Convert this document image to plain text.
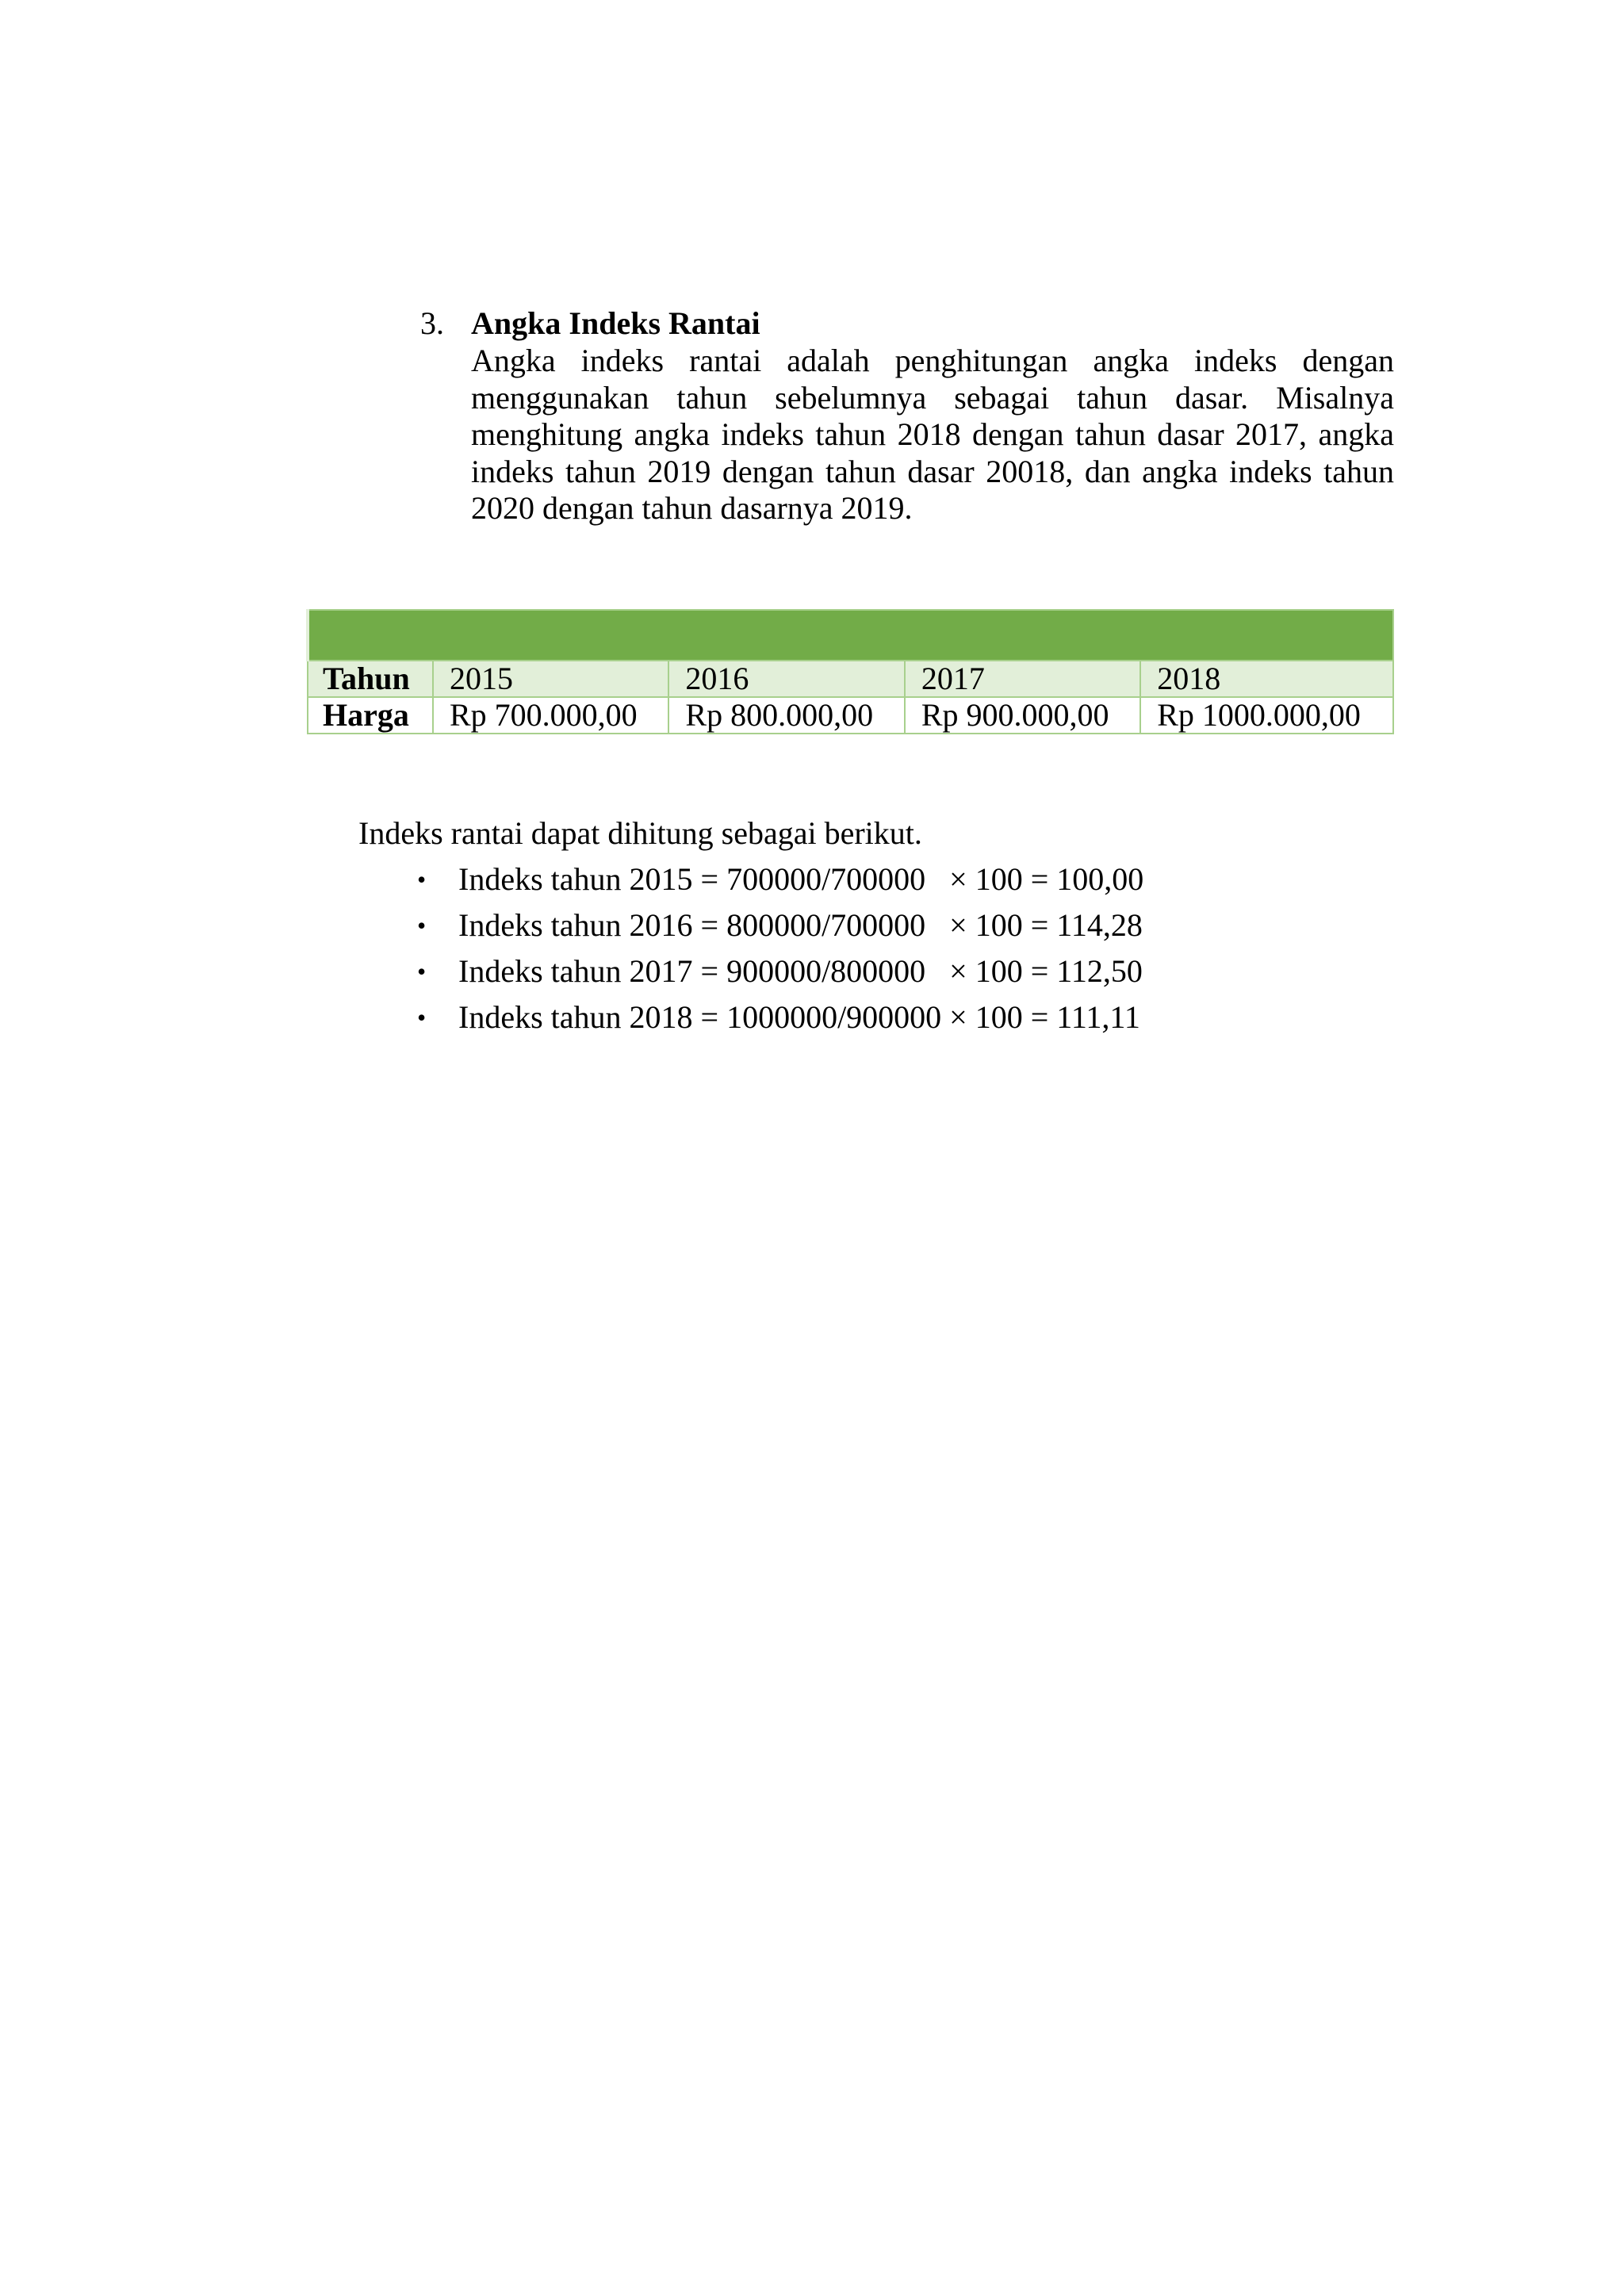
3. Angka Indeks Rantai

Angka indeks rantai adalah penghitungan angka indeks dengan menggunakan tahun sebelumnya sebagai tahun dasar. Misalnya menghitung angka indeks tahun 2018 dengan tahun dasar 2017, angka indeks tahun 2019 dengan tahun dasar 20018, dan angka indeks tahun 2020 dengan tahun dasarnya 2019.

Tahun	2015	2016	2017	2018
Harga	Rp 700.000,00	Rp 800.000,00	Rp 900.000,00	Rp 1000.000,00
Indeks rantai dapat dihitung sebagai berikut.
• Indeks tahun 2015 = 700000/700000   × 100 = 100,00
• Indeks tahun 2016 = 800000/700000   × 100 = 114,28
• Indeks tahun 2017 = 900000/800000   × 100 = 112,50
• Indeks tahun 2018 = 1000000/900000 × 100 = 111,11
